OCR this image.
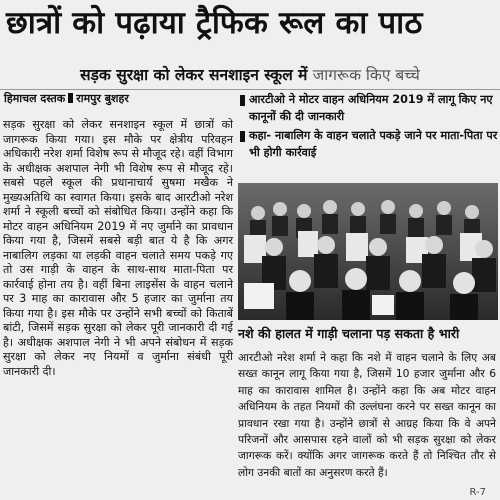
छात्रों को पढ़ाया ट्रैफिक रूल का पाठ
सड़क सुरक्षा को लेकर सनशाइन स्कूल में जागरूक किए बच्चे
हिमाचल दस्तक रामपुर बुशहर

सड़क सुरक्षा को लेकर सनशाइन स्कूल में छात्रों को जागरूक किया गया। इस मौके पर क्षेत्रीय परिवहन अधिकारी नरेश शर्मा विशेष रूप से मौजूद रहे। वहीं विभाग के अधीक्षक अशपाल नेगी भी विशेष रूप से मौजूद रहे। सबसे पहले स्कूल की प्रधानाचार्य सुषमा मखैक ने मुख्यअतिथि का स्वागत किया। इसके बाद आरटीओ नरेश शर्मा ने स्कूली बच्चों को संबोधित किया। उन्होंने कहा कि मोटर वाहन अधिनियम 2019 में नए जुर्माने का प्रावधान किया गया है, जिसमें सबसे बड़ी बात ये है कि अगर नाबालिग लड़का या लड़की वाहन चलाते समय पकड़े गए तो उस गाड़ी के वाहन के साथ-साथ माता-पिता पर कार्रवाई होना तय है। वहीं बिना लाइसेंस के वाहन चलाने पर 3 माह का कारावास और 5 हजार का जुर्माना तय किया गया है। इस मौके पर उन्होंने सभी बच्चों को किताबें बांटी, जिसमें सड़क सुरक्षा को लेकर पूरी जानकारी दी गई है। अधीक्षक अशपाल नेगी ने भी अपने संबोधन में सड़क सुरक्षा को लेकर नए नियमों व जुर्माना संबंधी पूरी जानकारी दी।

आरटीओ ने मोटर वाहन अधिनियम 2019 में लागू किए नए कानूनों की दी जानकारी
कहा- नाबालिग के वाहन चलाते पकड़े जाने पर माता-पिता पर भी होगी कार्रवाई
नशे की हालत में गाड़ी चलाना पड़ सकता है भारी

आरटीओ नरेश शर्मा ने कहा कि नशे में वाहन चलाने के लिए अब सख्त कानून लागू किया गया है, जिसमें 10 हजार जुर्माना और 6 माह का कारावास शामिल है। उन्होंने कहा कि अब मोटर वाहन अधिनियम के तहत नियमों की उल्लंघना करने पर सख्त कानून का प्रावधान रखा गया है। उन्होंने छात्रों से आग्रह किया कि वे अपने परिजनों और आसपास रहने वालों को भी सड़क सुरक्षा को लेकर जागरूक करें। क्योंकि अगर जागरूक करते हैं तो निश्चित तौर से लोग उनकी बातों का अनुसरण करते हैं।

R-7
